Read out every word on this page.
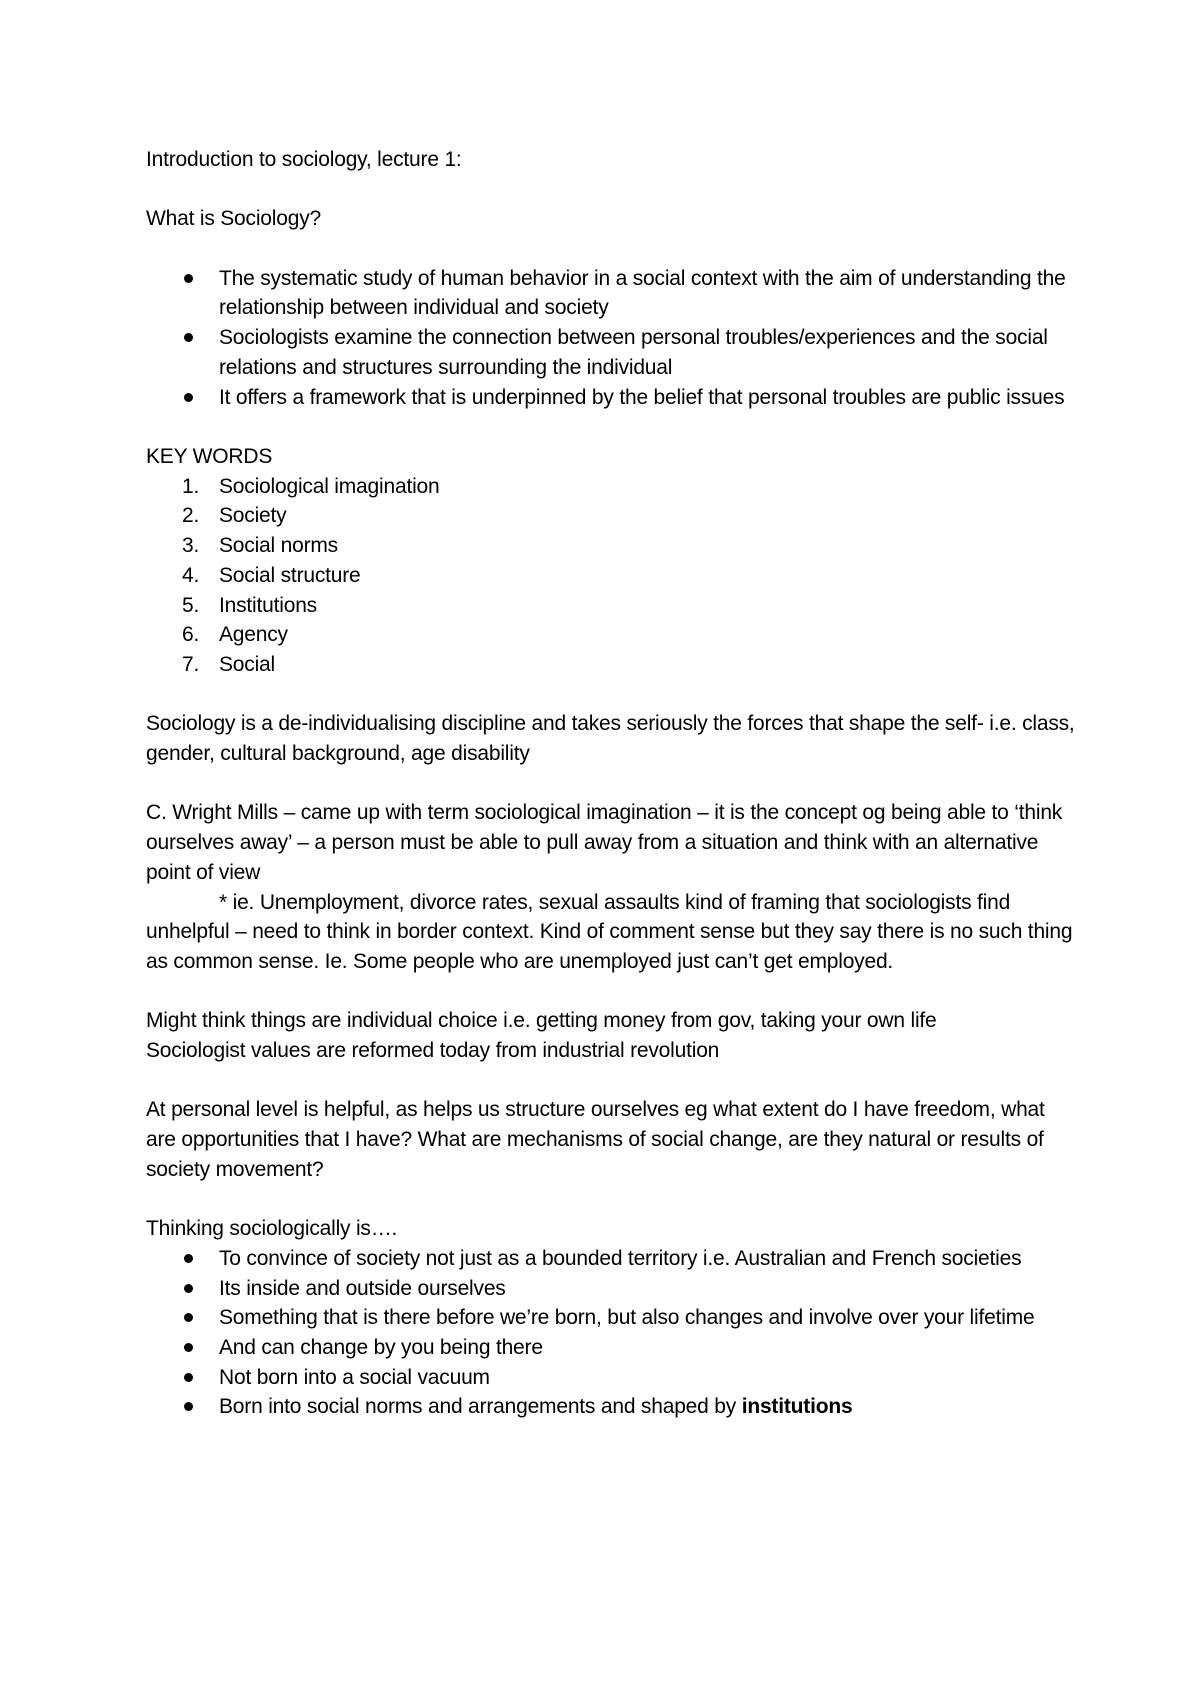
Introduction to sociology, lecture 1:

What is Sociology?

The systematic study of human behavior in a social context with the aim of understanding the relationship between individual and society
Sociologists examine the connection between personal troubles/experiences and the social relations and structures surrounding the individual
It offers a framework that is underpinned by the belief that personal troubles are public issues

KEY WORDS

1. Sociological imagination
2. Society
3. Social norms
4. Social structure
5. Institutions
6. Agency
7. Social

Sociology is a de-individualising discipline and takes seriously the forces that shape the self- i.e. class, gender, cultural background, age disability

C. Wright Mills – came up with term sociological imagination – it is the concept og being able to ‘think ourselves away’ – a person must be able to pull away from a situation and think with an alternative point of view

* ie. Unemployment, divorce rates, sexual assaults kind of framing that sociologists find unhelpful – need to think in border context. Kind of comment sense but they say there is no such thing as common sense. Ie. Some people who are unemployed just can’t get employed.

Might think things are individual choice i.e. getting money from gov, taking your own life

Sociologist values are reformed today from industrial revolution

At personal level is helpful, as helps us structure ourselves eg what extent do I have freedom, what are opportunities that I have? What are mechanisms of social change, are they natural or results of society movement?

Thinking sociologically is….

To convince of society not just as a bounded territory i.e. Australian and French societies
Its inside and outside ourselves
Something that is there before we’re born, but also changes and involve over your lifetime
And can change by you being there
Not born into a social vacuum
Born into social norms and arrangements and shaped by institutions
